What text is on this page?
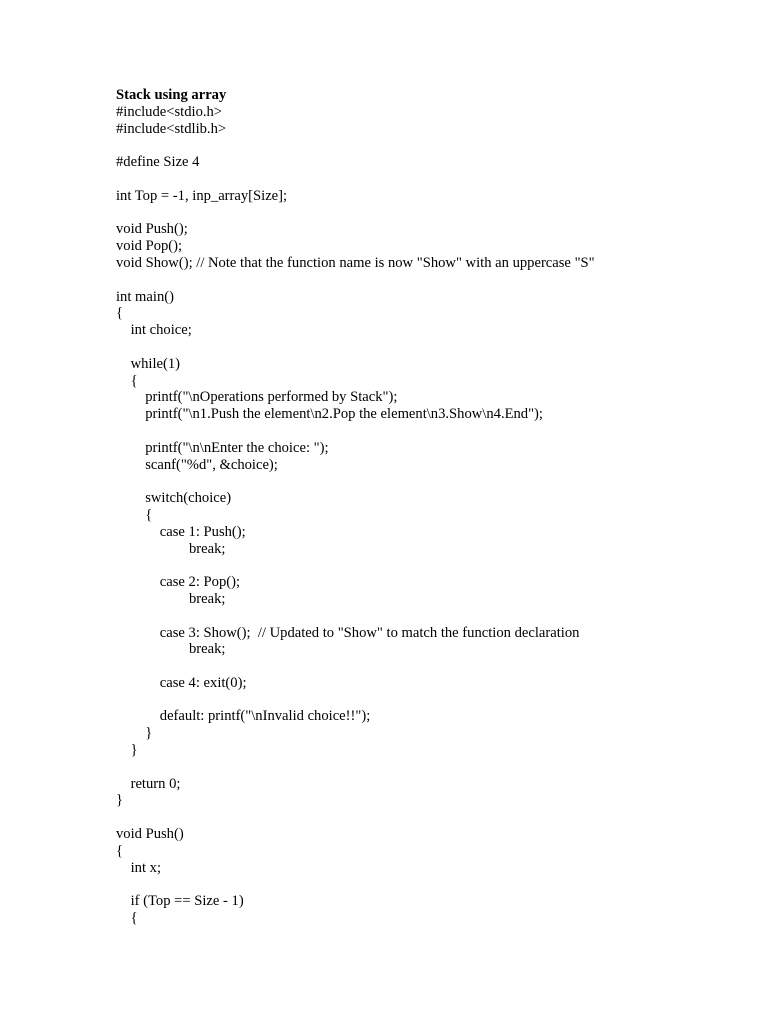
Stack using array
#include<stdio.h>
#include<stdlib.h>
#define Size 4
int Top = -1, inp_array[Size];
void Push();
void Pop();
void Show(); // Note that the function name is now "Show" with an uppercase "S"
int main()
{
int choice;
while(1)
{
printf("\nOperations performed by Stack");
printf("\n1.Push the element\n2.Pop the element\n3.Show\n4.End");
printf("\n\nEnter the choice: ");
scanf("%d", &choice);
switch(choice)
{
case 1: Push();
break;
case 2: Pop();
break;
case 3: Show();  // Updated to "Show" to match the function declaration
break;
case 4: exit(0);
default: printf("\nInvalid choice!!");
}
}
return 0;
}
void Push()
{
int x;
if (Top == Size - 1)
{
